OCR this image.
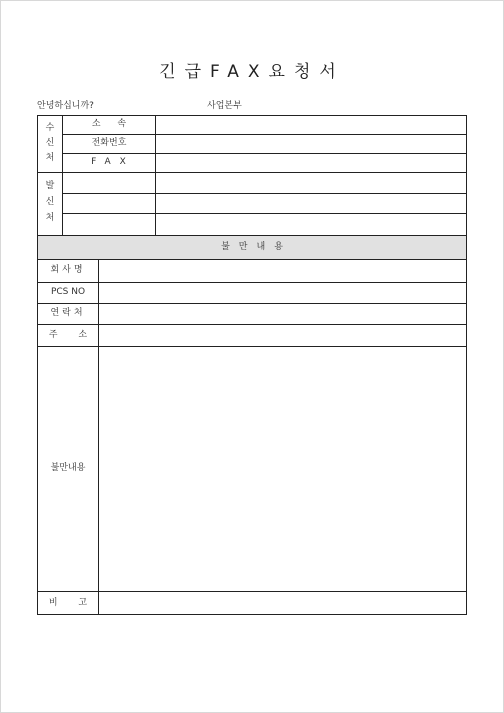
긴급FAX요청서
안녕하십니까?	사업본부
수
신
처
소 속
전화번호
FAX
발
신
처
불만내용
회사명
PCS NO
연락처
주 소
불만내용
비 고
